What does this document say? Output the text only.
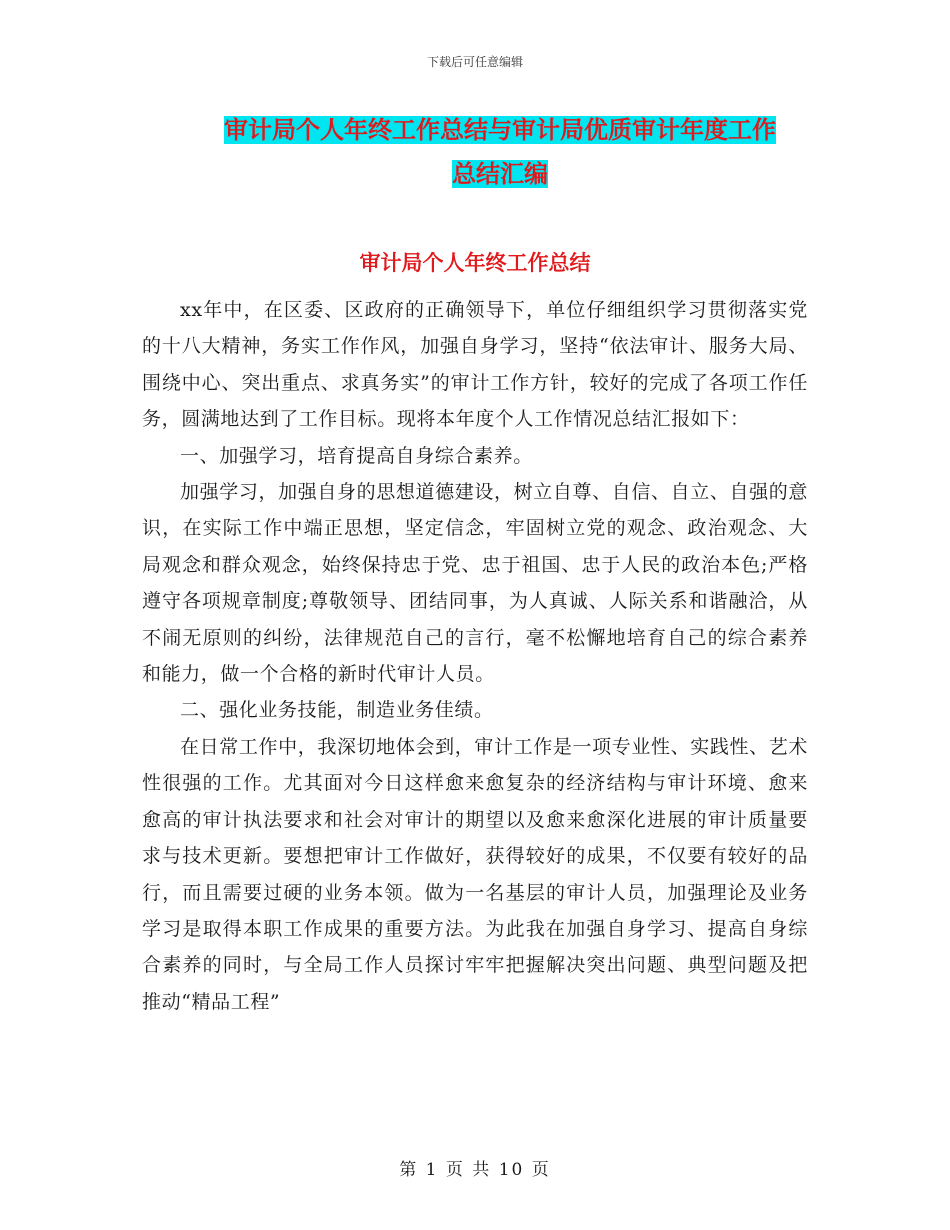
下载后可任意编辑
审计局个人年终工作总结与审计局优质审计年度工作
总结汇编
审计局个人年终工作总结

xx年中，在区委、区政府的正确领导下，单位仔细组织学习贯彻落实党的十八大精神，务实工作作风，加强自身学习，坚持“依法审计、服务大局、围绕中心、突出重点、求真务实”的审计工作方针，较好的完成了各项工作任务，圆满地达到了工作目标。现将本年度个人工作情况总结汇报如下：

一、加强学习，培育提高自身综合素养。

加强学习，加强自身的思想道德建设，树立自尊、自信、自立、自强的意识，在实际工作中端正思想，坚定信念，牢固树立党的观念、政治观念、大局观念和群众观念，始终保持忠于党、忠于祖国、忠于人民的政治本色;严格遵守各项规章制度;尊敬领导、团结同事，为人真诚、人际关系和谐融洽，从不闹无原则的纠纷，法律规范自己的言行，毫不松懈地培育自己的综合素养和能力，做一个合格的新时代审计人员。

二、强化业务技能，制造业务佳绩。

在日常工作中，我深切地体会到，审计工作是一项专业性、实践性、艺术性很强的工作。尤其面对今日这样愈来愈复杂的经济结构与审计环境、愈来愈高的审计执法要求和社会对审计的期望以及愈来愈深化进展的审计质量要求与技术更新。要想把审计工作做好，获得较好的成果，不仅要有较好的品行，而且需要过硬的业务本领。做为一名基层的审计人员，加强理论及业务学习是取得本职工作成果的重要方法。为此我在加强自身学习、提高自身综合素养的同时，与全局工作人员探讨牢牢把握解决突出问题、典型问题及把推动“精品工程”

第 1 页 共 10 页
